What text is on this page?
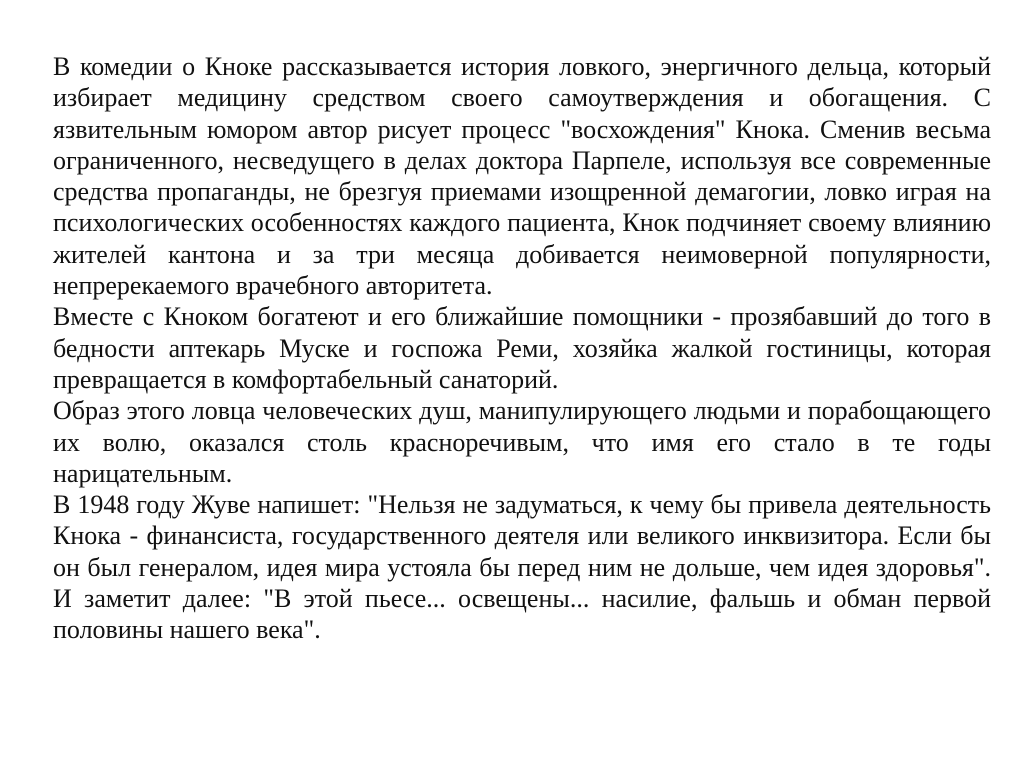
В комедии о Кноке рассказывается история ловкого, энергичного дельца, который избирает медицину средством своего самоутверждения и обогащения. С язвительным юмором автор рисует процесс "восхождения" Кнока. Сменив весьма ограниченного, несведущего в делах доктора Парпеле, используя все современные средства пропаганды, не брезгуя приемами изощренной демагогии, ловко играя на психологических особенностях каждого пациента, Кнок подчиняет своему влиянию жителей кантона и за три месяца добивается неимоверной популярности, непререкаемого врачебного авторитета.

Вместе с Кноком богатеют и его ближайшие помощники - прозябавший до того в бедности аптекарь Муске и госпожа Реми, хозяйка жалкой гостиницы, которая превращается в комфортабельный санаторий.

Образ этого ловца человеческих душ, манипулирующего людьми и порабощающего их волю, оказался столь красноречивым, что имя его стало в те годы нарицательным.

В 1948 году Жуве напишет: "Нельзя не задуматься, к чему бы привела деятельность Кнока - финансиста, государственного деятеля или великого инквизитора. Если бы он был генералом, идея мира устояла бы перед ним не дольше, чем идея здоровья". И заметит далее: "В этой пьесе... освещены... насилие, фальшь и обман первой половины нашего века".
